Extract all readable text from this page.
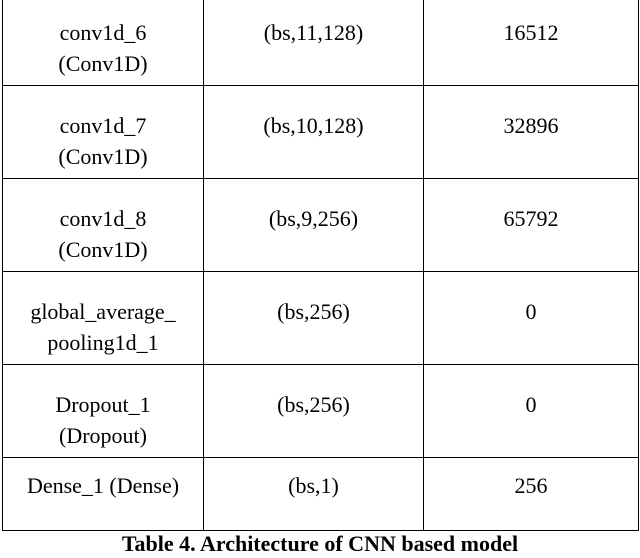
conv1d_6
(Conv1D)	(bs,11,128)	16512

conv1d_7
(Conv1D)	(bs,10,128)	32896

conv1d_8
(Conv1D)	(bs,9,256)	65792

global_average_
pooling1d_1	(bs,256)	0

Dropout_1
(Dropout)	(bs,256)	0

Dense_1 (Dense)	(bs,1)	256
Table 4. Architecture of CNN based model
